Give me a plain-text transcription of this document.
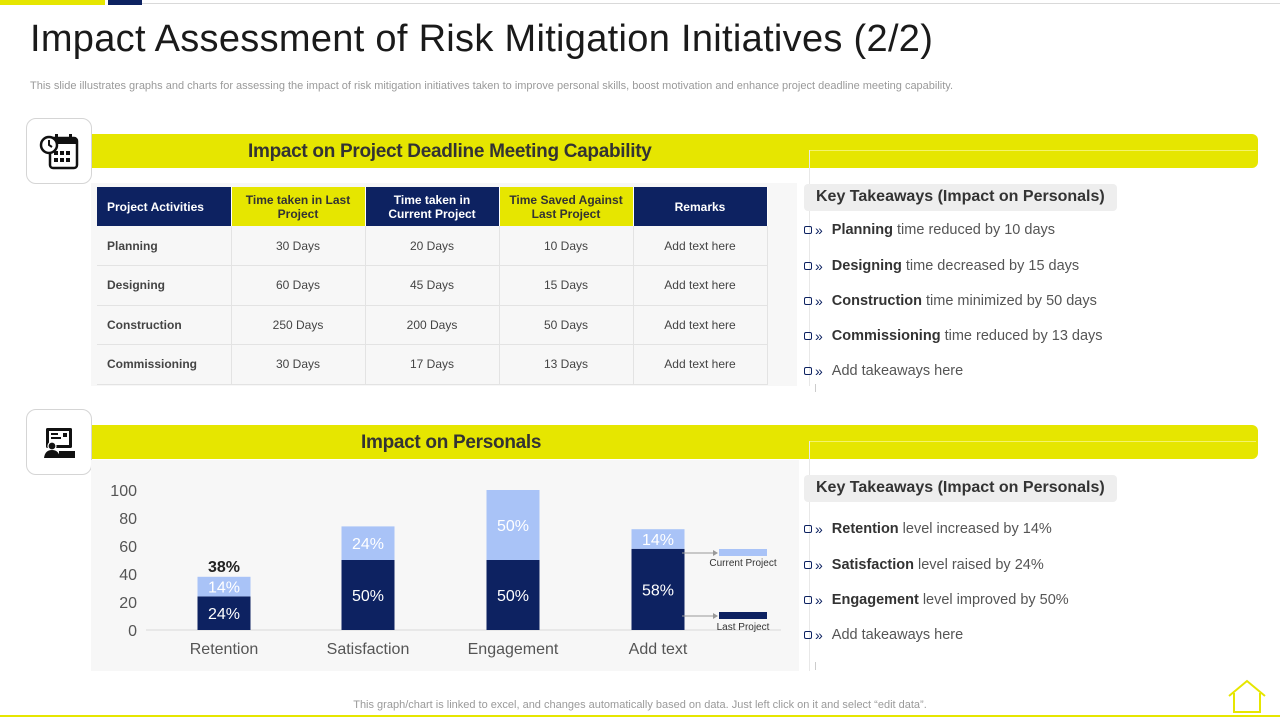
Impact Assessment of Risk Mitigation Initiatives (2/2)

This slide illustrates graphs and charts for assessing the impact of risk mitigation initiatives taken to improve personal skills, boost motivation and enhance project deadline meeting capability.

Impact on Project Deadline Meeting Capability
Project Activities	Time taken in Last Project	Time taken in Current Project	Time Saved Against Last Project	Remarks
Planning	30 Days	20 Days	10 Days	Add text here
Designing	60 Days	45 Days	15 Days	Add text here
Construction	250 Days	200 Days	50 Days	Add text here
Commissioning	30 Days	17 Days	13 Days	Add text here
Key Takeaways (Impact on Personals)
» Planning time reduced by 10 days
» Designing time decreased by 15 days
» Construction time minimized by 50 days
» Commissioning time reduced by 13 days
» Add takeaways here
Impact on Personals
0
20
40
60
80
100
24%
14%
Retention
50%
24%
Satisfaction
50%
50%
Engagement
58%
14%
Add text
38%	Current Project
Last Project
Key Takeaways (Impact on Personals)
» Retention level increased by 14%
» Satisfaction level raised by 24%
» Engagement level improved by 50%
» Add takeaways here
This graph/chart is linked to excel, and changes automatically based on data. Just left click on it and select “edit data”.
